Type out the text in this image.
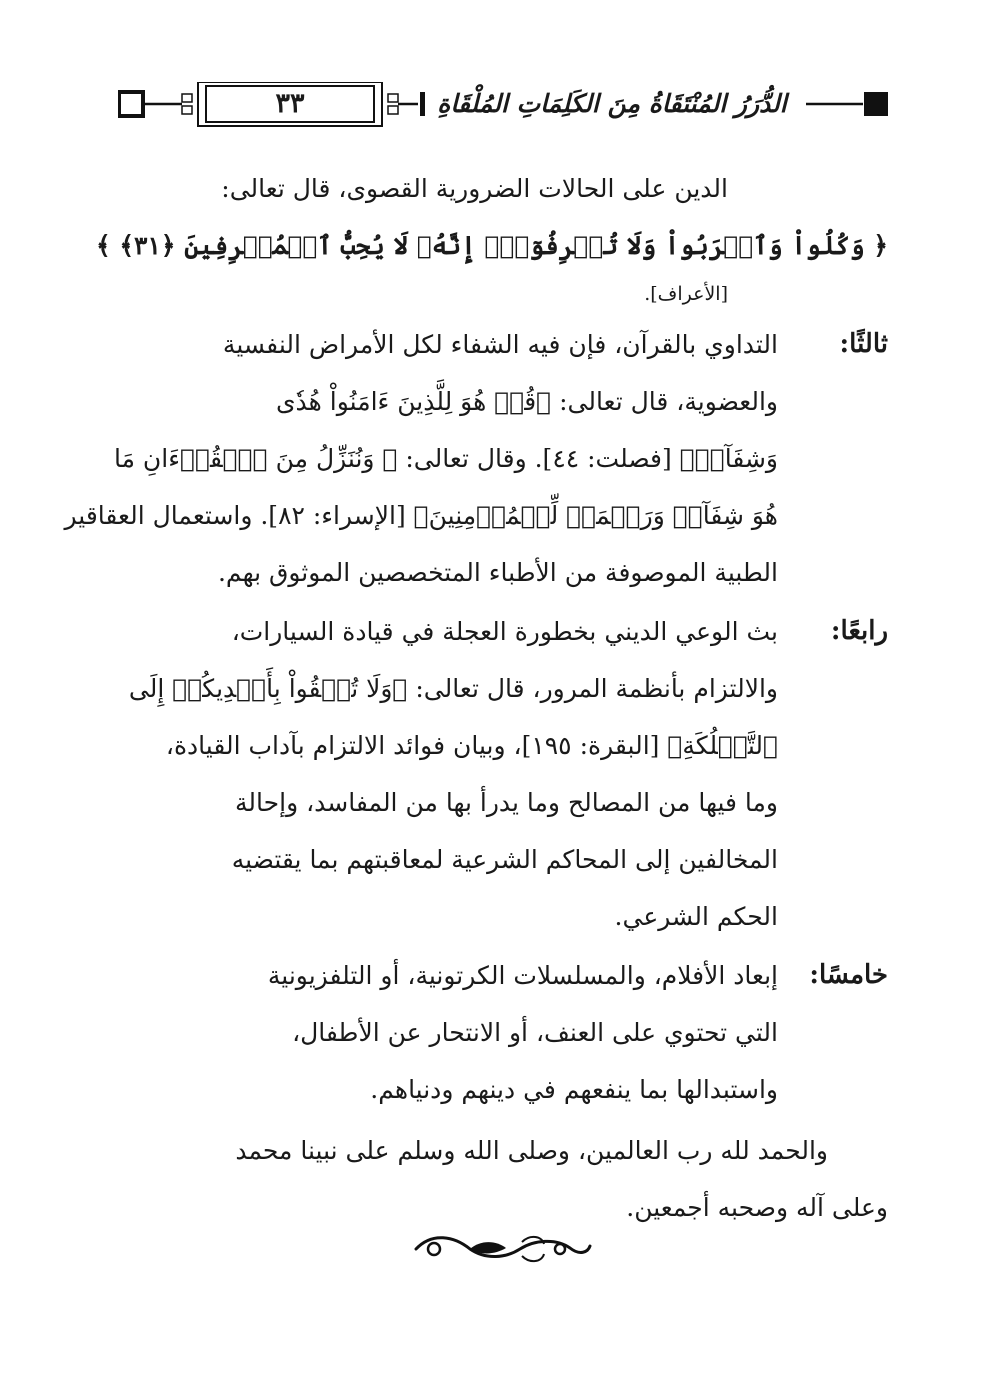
٣٣	الدُّرَرُ المُنْتَقَاةُ مِنَ الكَلِمَاتِ المُلْقَاةِ
الدين على الحالات الضرورية القصوى، قال تعالى:
﴿ وَكُلُواْ وَٱشۡرَبُواْ وَلَا تُسۡرِفُوٓاْۚ إِنَّهُۥ لَا يُحِبُّ ٱلۡمُسۡرِفِينَ ﴿٣١﴾ ﴾
[الأعراف].
ثالثًا:
التداوي بالقرآن، فإن فيه الشفاء لكل الأمراض النفسية
والعضوية، قال تعالى: ﴿قُلۡ هُوَ لِلَّذِينَ ءَامَنُواْ هُدٗى
وَشِفَآءٞ﴾ [فصلت: ٤٤]. وقال تعالى: ﴿ وَنُنَزِّلُ مِنَ ٱلۡقُرۡءَانِ مَا
هُوَ شِفَآءٞ وَرَحۡمَةٞ لِّلۡمُؤۡمِنِينَ﴾ [الإسراء: ٨٢]. واستعمال العقاقير
الطبية الموصوفة من الأطباء المتخصصين الموثوق بهم.
رابعًا:
بث الوعي الديني بخطورة العجلة في قيادة السيارات،
والالتزام بأنظمة المرور، قال تعالى: ﴿وَلَا تُلۡقُواْ بِأَيۡدِيكُمۡ إِلَى
ٱلتَّهۡلُكَةِ﴾ [البقرة: ١٩٥]، وبيان فوائد الالتزام بآداب القيادة،
وما فيها من المصالح وما يدرأ بها من المفاسد، وإحالة
المخالفين إلى المحاكم الشرعية لمعاقبتهم بما يقتضيه
الحكم الشرعي.
خامسًا:
إبعاد الأفلام، والمسلسلات الكرتونية، أو التلفزيونية
التي تحتوي على العنف، أو الانتحار عن الأطفال،
واستبدالها بما ينفعهم في دينهم ودنياهم.
والحمد لله رب العالمين، وصلى الله وسلم على نبينا محمد
وعلى آله وصحبه أجمعين.
